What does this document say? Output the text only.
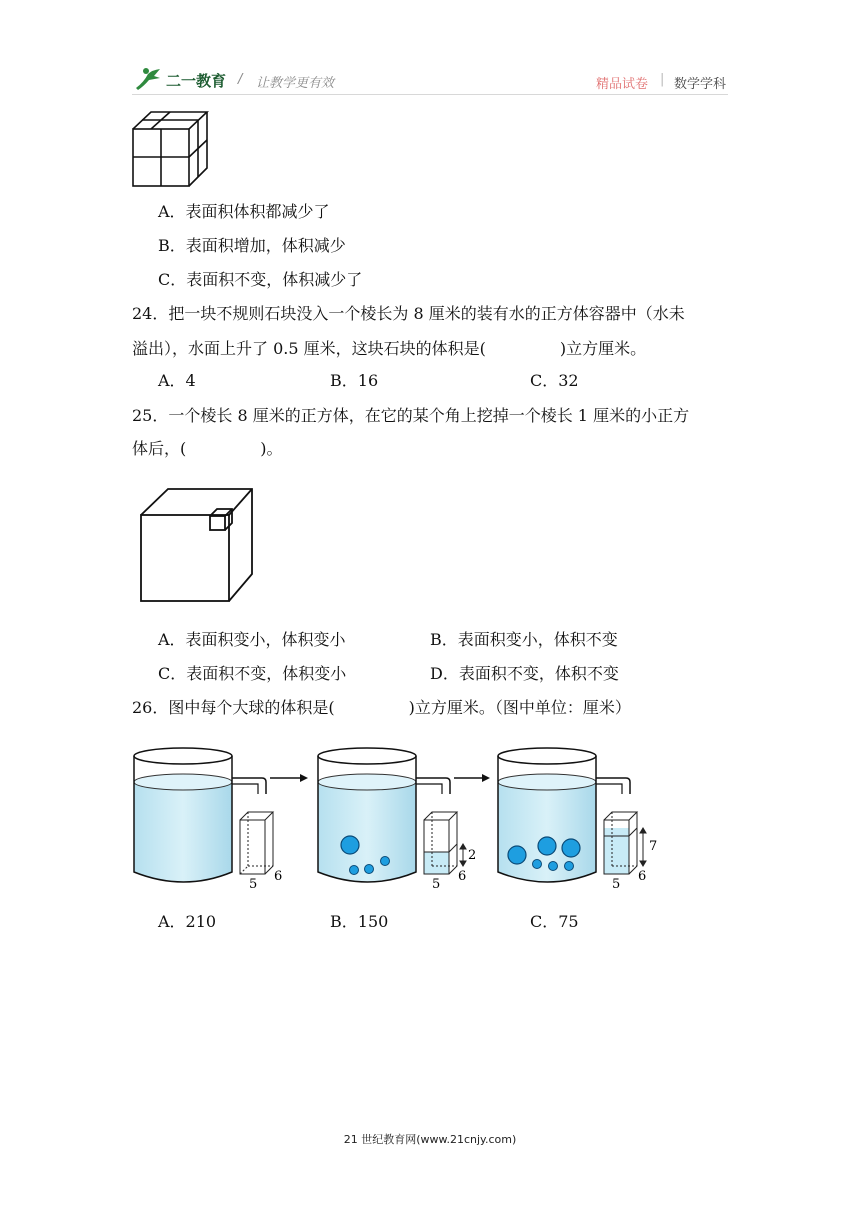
二一教育 / 让教学更有效	精品试卷 | 数学学科
A．表面积体积都减少了
B．表面积增加，体积减少
C．表面积不变，体积减少了
24．把一块不规则石块没入一个棱长为 8 厘米的装有水的正方体容器中（水未
溢出），水面上升了 0.5 厘米，这块石块的体积是(	)立方厘米。
A．4	B．16	C．32
25．一个棱长 8 厘米的正方体，在它的某个角上挖掉一个棱长 1 厘米的小正方
体后，(	)。
A．表面积变小，体积变小	B．表面积变小，体积不变
C．表面积不变，体积变小	D．表面积不变，体积不变
26．图中每个大球的体积是(	)立方厘米。（图中单位：厘米）
5
6
2
5
6
7
5
6
A．210	B．150	C．75
21 世纪教育网(www.21cnjy.com)
